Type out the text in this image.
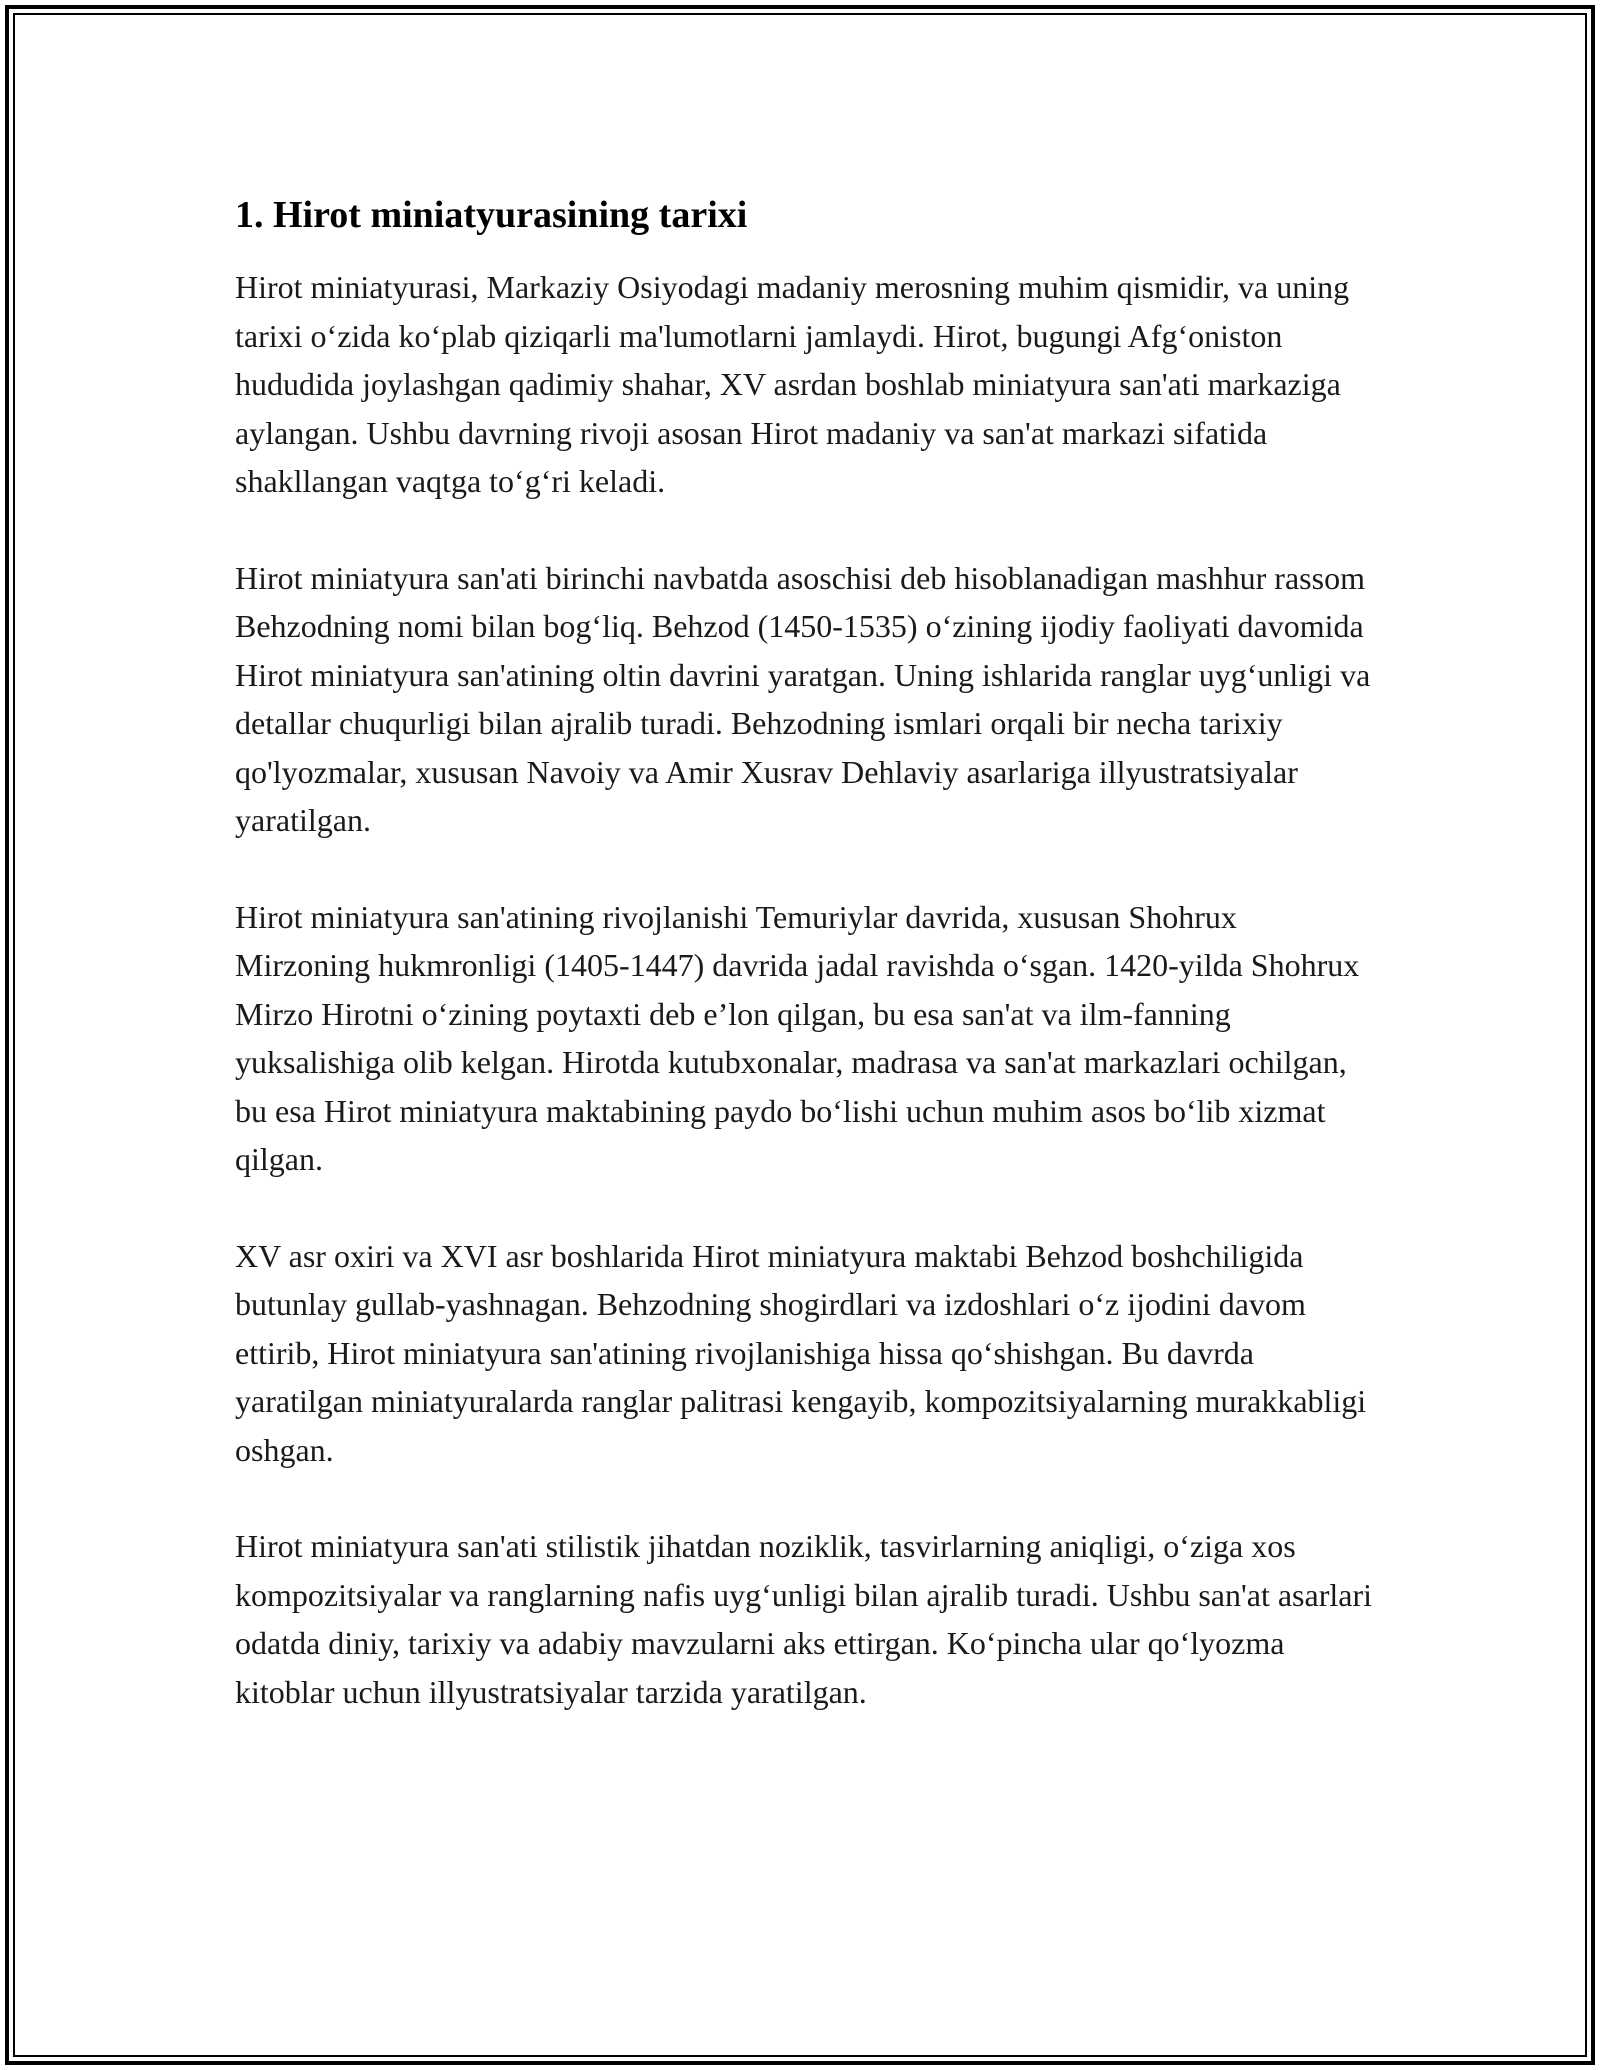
1. Hirot miniatyurasining tarixi

Hirot miniatyurasi, Markaziy Osiyodagi madaniy merosning muhim qismidir, va uning tarixi o‘zida ko‘plab qiziqarli ma'lumotlarni jamlaydi. Hirot, bugungi Afg‘oniston hududida joylashgan qadimiy shahar, XV asrdan boshlab miniatyura san'ati markaziga aylangan. Ushbu davrning rivoji asosan Hirot madaniy va san'at markazi sifatida shakllangan vaqtga to‘g‘ri keladi.

Hirot miniatyura san'ati birinchi navbatda asoschisi deb hisoblanadigan mashhur rassom Behzodning nomi bilan bog‘liq. Behzod (1450-1535) o‘zining ijodiy faoliyati davomida Hirot miniatyura san'atining oltin davrini yaratgan. Uning ishlarida ranglar uyg‘unligi va detallar chuqurligi bilan ajralib turadi. Behzodning ismlari orqali bir necha tarixiy qo'lyozmalar, xususan Navoiy va Amir Xusrav Dehlaviy asarlariga illyustratsiyalar yaratilgan.

Hirot miniatyura san'atining rivojlanishi Temuriylar davrida, xususan Shohrux Mirzoning hukmronligi (1405-1447) davrida jadal ravishda o‘sgan. 1420-yilda Shohrux Mirzo Hirotni o‘zining poytaxti deb e’lon qilgan, bu esa san'at va ilm-fanning yuksalishiga olib kelgan. Hirotda kutubxonalar, madrasa va san'at markazlari ochilgan, bu esa Hirot miniatyura maktabining paydo bo‘lishi uchun muhim asos bo‘lib xizmat qilgan.

XV asr oxiri va XVI asr boshlarida Hirot miniatyura maktabi Behzod boshchiligida butunlay gullab-yashnagan. Behzodning shogirdlari va izdoshlari o‘z ijodini davom ettirib, Hirot miniatyura san'atining rivojlanishiga hissa qo‘shishgan. Bu davrda yaratilgan miniatyuralarda ranglar palitrasi kengayib, kompozitsiyalarning murakkabligi oshgan.

Hirot miniatyura san'ati stilistik jihatdan noziklik, tasvirlarning aniqligi, o‘ziga xos kompozitsiyalar va ranglarning nafis uyg‘unligi bilan ajralib turadi. Ushbu san'at asarlari odatda diniy, tarixiy va adabiy mavzularni aks ettirgan. Ko‘pincha ular qo‘lyozma kitoblar uchun illyustratsiyalar tarzida yaratilgan.
